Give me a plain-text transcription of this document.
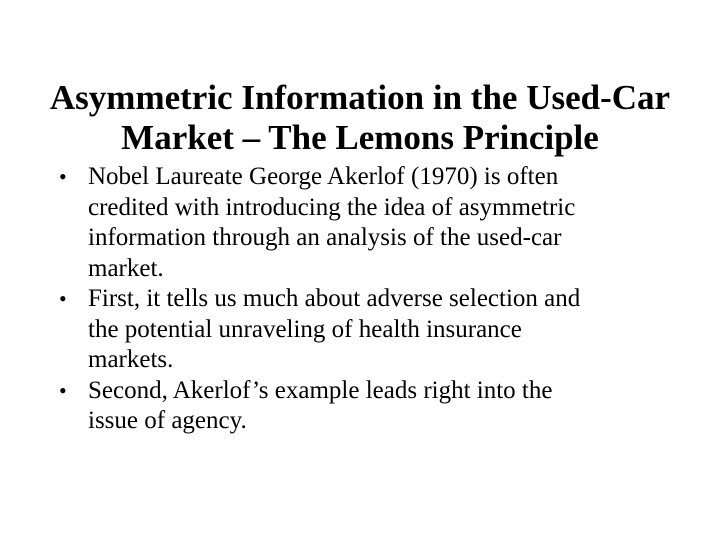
Asymmetric Information in the Used-Car
Market – The Lemons Principle
• Nobel Laureate George Akerlof (1970) is often
credited with introducing the idea of asymmetric
information through an analysis of the used-car
market.
• First, it tells us much about adverse selection and
the potential unraveling of health insurance
markets.
• Second, Akerlof’s example leads right into the
issue of agency.
